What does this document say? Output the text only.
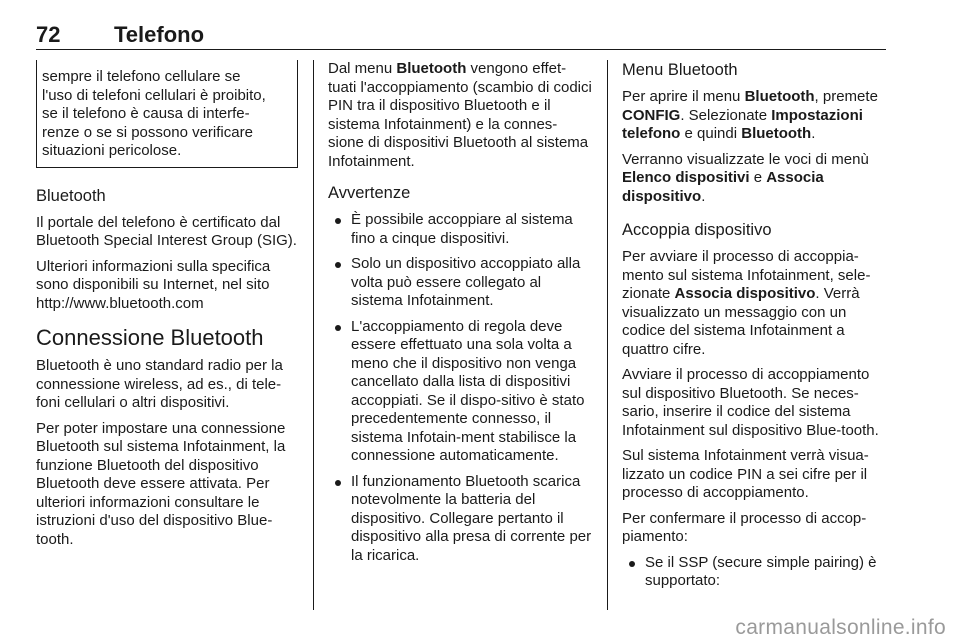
72 Telefono

sempre il telefono cellulare se

l'uso di telefoni cellulari è proibito,

se il telefono è causa di interfe-

renze o se si possono verificare

situazioni pericolose.

Bluetooth

Il portale del telefono è certificato dal Bluetooth Special Interest Group (SIG).

Ulteriori informazioni sulla specifica sono disponibili su Internet, nel sito http://www.bluetooth.com

Connessione Bluetooth

Bluetooth è uno standard radio per la connessione wireless, ad es., di tele-foni cellulari o altri dispositivi.

Per poter impostare una connessione Bluetooth sul sistema Infotainment, la funzione Bluetooth del dispositivo Bluetooth deve essere attivata. Per ulteriori informazioni consultare le istruzioni d'uso del dispositivo Blue-tooth.

Dal menu Bluetooth vengono effet-tuati l'accoppiamento (scambio di codici PIN tra il dispositivo Bluetooth e il sistema Infotainment) e la connes-sione di dispositivi Bluetooth al sistema Infotainment.

Avvertenze
È possibile accoppiare al sistema fino a cinque dispositivi.
Solo un dispositivo accoppiato alla volta può essere collegato al sistema Infotainment.
L'accoppiamento di regola deve essere effettuato una sola volta a meno che il dispositivo non venga cancellato dalla lista di dispositivi accoppiati. Se il dispo-sitivo è stato precedentemente connesso, il sistema Infotain-ment stabilisce la connessione automaticamente.
Il funzionamento Bluetooth scarica notevolmente la batteria del dispositivo. Collegare pertanto il dispositivo alla presa di corrente per la ricarica.
Menu Bluetooth

Per aprire il menu Bluetooth, premete CONFIG. Selezionate Impostazioni telefono e quindi Bluetooth.

Verranno visualizzate le voci di menù Elenco dispositivi e Associa dispositivo.

Accoppia dispositivo

Per avviare il processo di accoppia-mento sul sistema Infotainment, sele-zionate Associa dispositivo. Verrà visualizzato un messaggio con un codice del sistema Infotainment a quattro cifre.

Avviare il processo di accoppiamento sul dispositivo Bluetooth. Se neces-sario, inserire il codice del sistema Infotainment sul dispositivo Blue-tooth.

Sul sistema Infotainment verrà visua-lizzato un codice PIN a sei cifre per il processo di accoppiamento.

Per confermare il processo di accop-piamento:

Se il SSP (secure simple pairing) è supportato:
carmanualsonline.info
